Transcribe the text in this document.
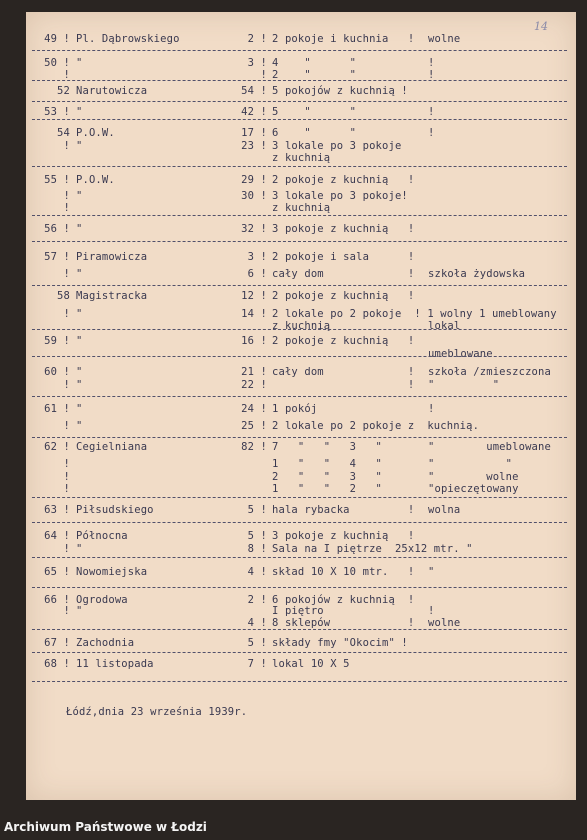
14
49 ! Pl. Dąbrowskiego	2 ! 2 pokoje i kuchnia   ! wolne
50 ! "	3 ! 4    "      "	!
!	! 2    "      "	!
52 Narutowicza	54 ! 5 pokojów z kuchnią !
53 ! "	42 ! 5    "      "	!
54 P.O.W.	17 ! 6    "      "	!
! "	23 ! 3 lokale po 3 pokoje
z kuchnią
55 ! P.O.W.	29 ! 2 pokoje z kuchnią   !
! "	30 ! 3 lokale po 3 pokoje!
!	z kuchnią
56 ! "	32 ! 3 pokoje z kuchnią   !
57 ! Piramowicza	3 ! 2 pokoje i sala      !
! "	6 ! cały dom             ! szkoła żydowska
58 Magistracka	12 ! 2 pokoje z kuchnią   !
! "	14 ! 2 lokale po 2 pokoje  ! 1 wolny 1 umeblowany
z kuchnią	lokal
59 ! "	16 ! 2 pokoje z kuchnią   !
umeblowane
60 ! "	21 ! cały dom             ! szkoła /zmieszczona
! "	22 ! ! "         "
61 ! "	24 ! 1 pokój	!
! "	25 ! 2 lokale po 2 pokoje z  kuchnią.
62 ! Cegielniana	82 ! 7   "   "   3   "	"        umeblowane
!	1   "   "   4   "	"           "
!	2   "   "   3   "	"        wolne
!	1   "   "   2   "	"opieczętowany
63 ! Piłsudskiego	5 ! hala rybacka         ! wolna
64 ! Północna	5 ! 3 pokoje z kuchnią   !
! "	8 ! Sala na I piętrze  25x12 mtr. "
65 ! Nowomiejska	4 ! skład 10 X 10 mtr.   ! "
66 ! Ogrodowa	2 ! 6 pokojów z kuchnią  !
! "	I piętro	!
4 ! 8 sklepów            ! wolne
67 ! Zachodnia	5 ! składy fmy "Okocim" !
68 ! 11 listopada	7 ! lokal 10 X 5
Łódź,dnia 23 września 1939r.
Archiwum Państwowe w Łodzi
